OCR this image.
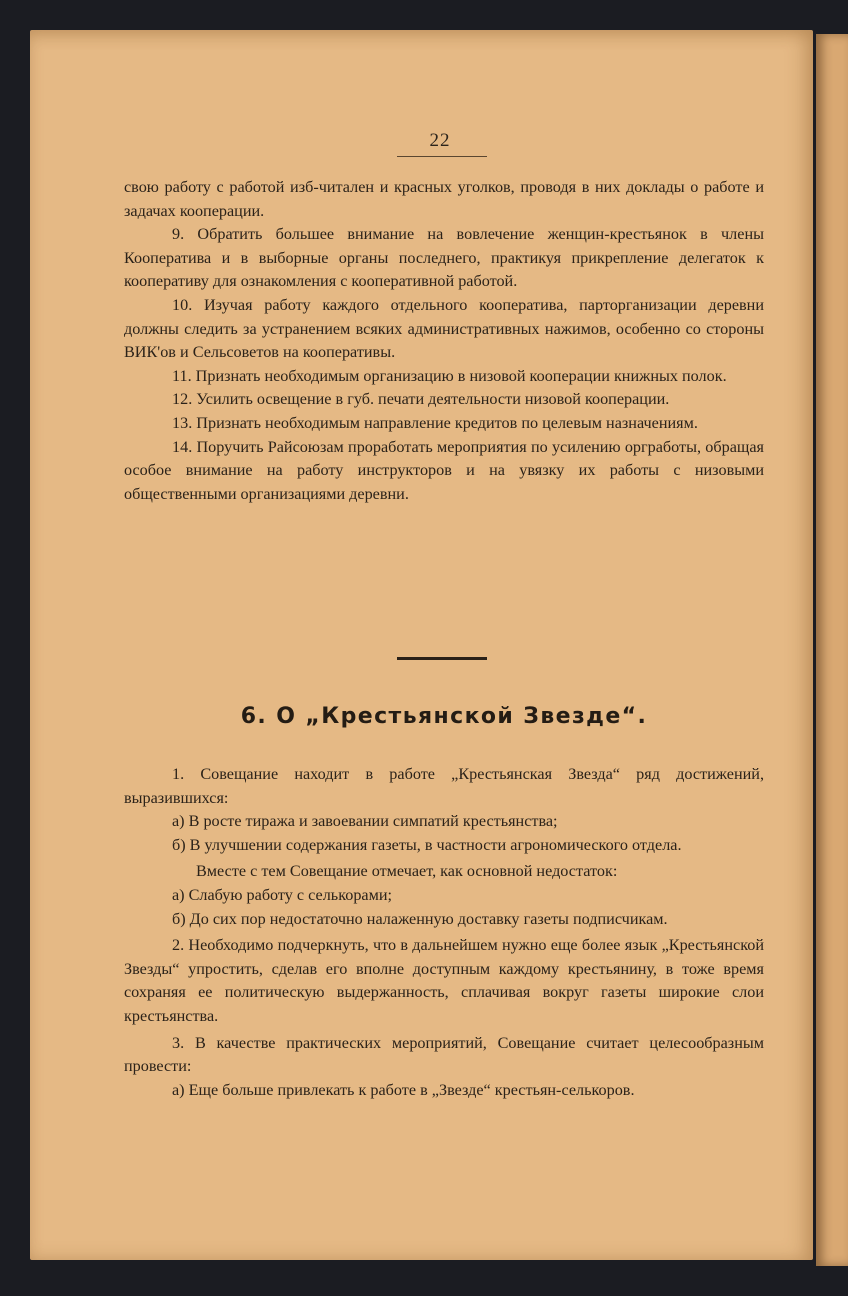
22

свою работу с работой изб-читален и красных уголков, проводя в них доклады о работе и задачах кооперации.

9. Обратить большее внимание на вовлечение женщин-крестьянок в члены Кооператива и в выборные органы последнего, практикуя прикрепление делегаток к кооперативу для ознакомления с кооперативной работой.

10. Изучая работу каждого отдельного кооператива, парторганизации деревни должны следить за устранением всяких административных нажимов, особенно со стороны ВИК'ов и Сельсоветов на кооперативы.

11. Признать необходимым организацию в низовой кооперации книжных полок.

12. Усилить освещение в губ. печати деятельности низовой кооперации.

13. Признать необходимым направление кредитов по целевым назначениям.

14. Поручить Райсоюзам проработать мероприятия по усилению оргработы, обращая особое внимание на работу инструкторов и на увязку их работы с низовыми общественными организациями деревни.

6. О „Крестьянской Звезде“.

1. Совещание находит в работе „Крестьянская Звезда“ ряд достижений, выразившихся:

а) В росте тиража и завоевании симпатий крестьянства;

б) В улучшении содержания газеты, в частности агрономического отдела.

Вместе с тем Совещание отмечает, как основной недостаток:

а) Слабую работу с селькорами;

б) До сих пор недостаточно налаженную доставку газеты подписчикам.

2. Необходимо подчеркнуть, что в дальнейшем нужно еще более язык „Крестьянской Звезды“ упростить, сделав его вполне доступным каждому крестьянину, в тоже время сохраняя ее политическую выдержанность, сплачивая вокруг газеты широкие слои крестьянства.

3. В качестве практических мероприятий, Совещание считает целесообразным провести:

а) Еще больше привлекать к работе в „Звезде“ крестьян-селькоров.
